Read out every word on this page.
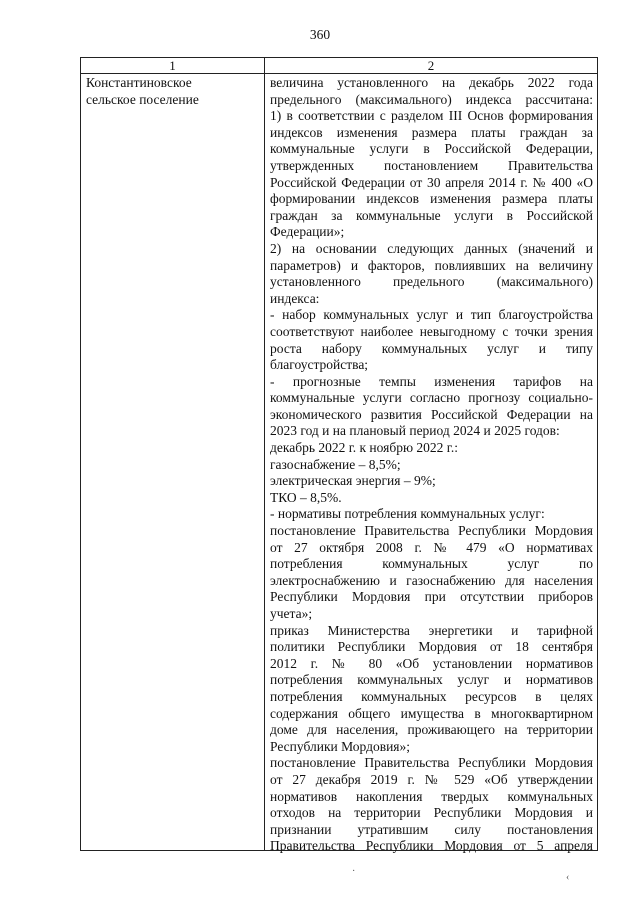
360
1	2
Константиновское
сельское поселение
величина установленного на декабрь 2022 года
предельного (максимального) индекса рассчитана:
1) в соответствии с разделом III Основ формирования
индексов изменения размера платы граждан за
коммунальные услуги в Российской Федерации,
утвержденных постановлением Правительства
Российской Федерации от 30 апреля 2014 г. № 400 «О
формировании индексов изменения размера платы
граждан за коммунальные услуги в Российской
Федерации»;
2) на основании следующих данных (значений и
параметров) и факторов, повлиявших на величину
установленного предельного (максимального)
индекса:
- набор коммунальных услуг и тип благоустройства
соответствуют наиболее невыгодному с точки зрения
роста набору коммунальных услуг и типу
благоустройства;
- прогнозные темпы изменения тарифов на
коммунальные услуги согласно прогнозу социально-
экономического развития Российской Федерации на
2023 год и на плановый период 2024 и 2025 годов:
декабрь 2022 г. к ноябрю 2022 г.:
газоснабжение – 8,5%;
электрическая энергия – 9%;
ТКО – 8,5%.
- нормативы потребления коммунальных услуг:
постановление Правительства Республики Мордовия
от 27 октября 2008 г. № 479 «О нормативах
потребления коммунальных услуг по
электроснабжению и газоснабжению для населения
Республики Мордовия при отсутствии приборов
учета»;
приказ Министерства энергетики и тарифной
политики Республики Мордовия от 18 сентября
2012 г. № 80 «Об установлении нормативов
потребления коммунальных услуг и нормативов
потребления коммунальных ресурсов в целях
содержания общего имущества в многоквартирном
доме для населения, проживающего на территории
Республики Мордовия»;
постановление Правительства Республики Мордовия
от 27 декабря 2019 г. № 529 «Об утверждении
нормативов накопления твердых коммунальных
отходов на территории Республики Мордовия и
признании утратившим силу постановления
Правительства Республики Мордовия от 5 апреля
·
‹
